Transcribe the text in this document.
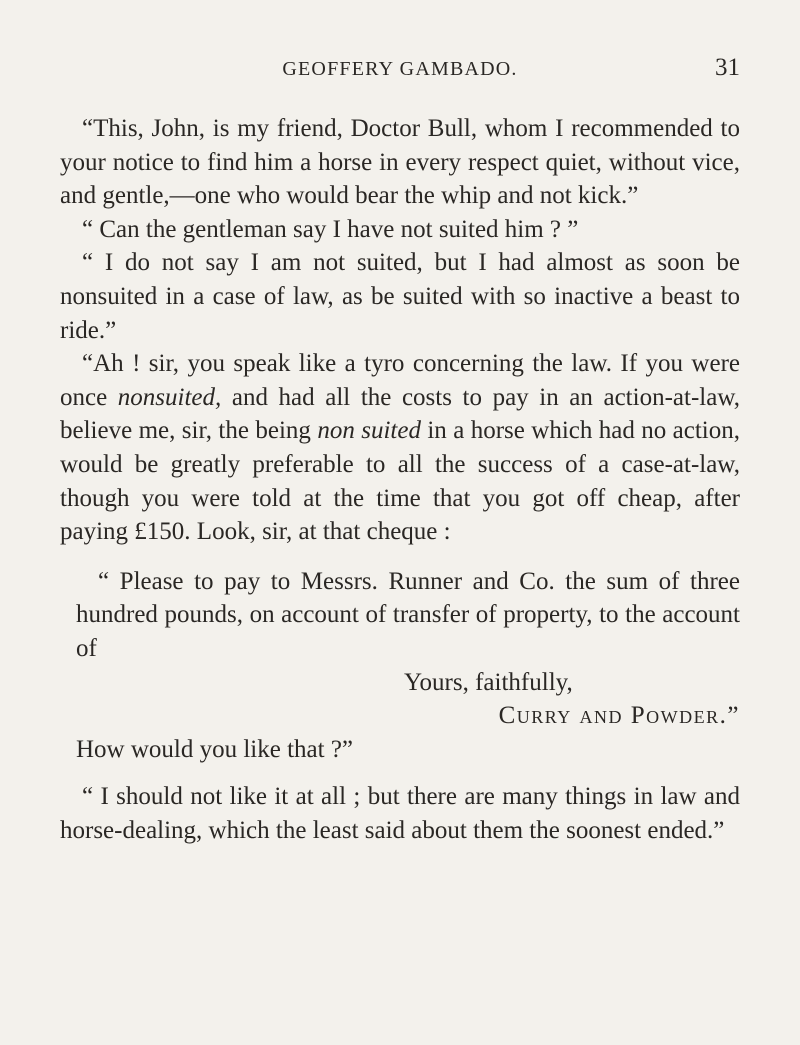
GEOFFERY GAMBADO.	31

“This, John, is my friend, Doctor Bull, whom I recommended to your notice to find him a horse in every respect quiet, without vice, and gentle,—one who would bear the whip and not kick.”

“ Can the gentleman say I have not suited him ? ”

“ I do not say I am not suited, but I had almost as soon be nonsuited in a case of law, as be suited with so inactive a beast to ride.”

“Ah ! sir, you speak like a tyro concerning the law. If you were once nonsuited, and had all the costs to pay in an action-at-law, believe me, sir, the being non suited in a horse which had no action, would be greatly preferable to all the success of a case-at-law, though you were told at the time that you got off cheap, after paying £150. Look, sir, at that cheque :

“ Please to pay to Messrs. Runner and Co. the sum of three hundred pounds, on account of transfer of property, to the account of

Yours, faithfully,
Curry and Powder.”

How would you like that ?”

“ I should not like it at all ; but there are many things in law and horse-dealing, which the least said about them the soonest ended.”
